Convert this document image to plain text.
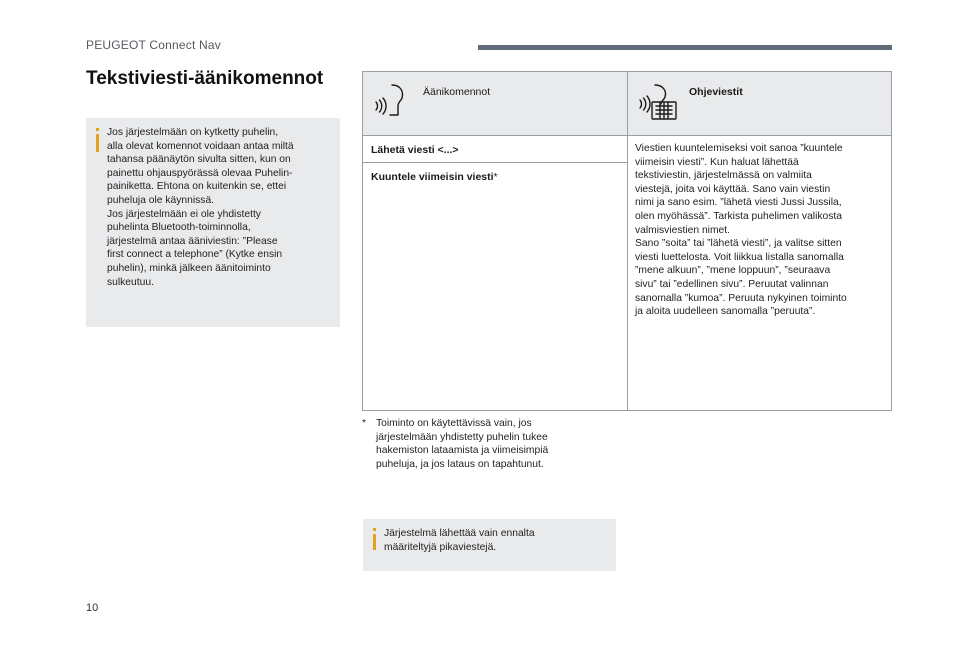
PEUGEOT Connect Nav
Tekstiviesti-äänikomennot
Jos järjestelmään on kytketty puhelin,
alla olevat komennot voidaan antaa miltä
tahansa päänäytön sivulta sitten, kun on
painettu ohjauspyörässä olevaa Puhelin-
painiketta. Ehtona on kuitenkin se, ettei
puheluja ole käynnissä.
Jos järjestelmään ei ole yhdistetty
puhelinta Bluetooth-toiminnolla,
järjestelmä antaa ääniviestin: ”Please
first connect a telephone” (Kytke ensin
puhelin), minkä jälkeen äänitoiminto
sulkeutuu.
Äänikomennot	Ohjeviestit
Lähetä viesti <...>
Kuuntele viimeisin viesti*
Viestien kuuntelemiseksi voit sanoa ”kuuntele
viimeisin viesti”. Kun haluat lähettää
tekstiviestin, järjestelmässä on valmiita
viestejä, joita voi käyttää. Sano vain viestin
nimi ja sano esim. ”lähetä viesti Jussi Jussila,
olen myöhässä”. Tarkista puhelimen valikosta
valmisviestien nimet.
Sano ”soita” tai ”lähetä viesti”, ja valitse sitten
viesti luettelosta. Voit liikkua listalla sanomalla
”mene alkuun”, ”mene loppuun”, ”seuraava
sivu” tai ”edellinen sivu”. Peruutat valinnan
sanomalla ”kumoa”. Peruuta nykyinen toiminto
ja aloita uudelleen sanomalla ”peruuta”.
* Toiminto on käytettävissä vain, jos
järjestelmään yhdistetty puhelin tukee
hakemiston lataamista ja viimeisimpiä
puheluja, ja jos lataus on tapahtunut.
Järjestelmä lähettää vain ennalta
määriteltyjä pikaviestejä.
10
